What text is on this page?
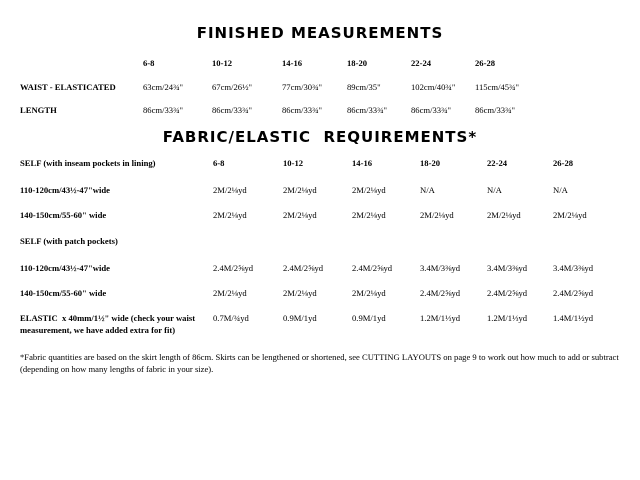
FINISHED MEASUREMENTS
6-8	10-12	14-16	18-20	22-24	26-28
WAIST - ELASTICATED	63cm/24¾"	67cm/26½"	77cm/30¾"	89cm/35"	102cm/40¾" 115cm/45¾"
LENGTH	86cm/33¾"	86cm/33¾"	86cm/33¾"	86cm/33¾"	86cm/33¾"	86cm/33¾"
FABRIC/ELASTIC  REQUIREMENTS*
SELF (with inseam pockets in lining)	6-8	10-12	14-16	18-20	22-24	26-28
110-120cm/43½-47"wide	2M/2⅛yd	2M/2⅛yd	2M/2⅛yd	N/A	N/A	N/A
140-150cm/55-60" wide	2M/2⅛yd	2M/2⅛yd	2M/2⅛yd	2M/2⅛yd	2M/2⅛yd	2M/2⅛yd
SELF (with patch pockets)
110-120cm/43½-47"wide	2.4M/2⅝yd	2.4M/2⅝yd	2.4M/2⅝yd	3.4M/3⅜yd	3.4M/3⅜yd	3.4M/3⅜yd
140-150cm/55-60" wide	2M/2⅛yd	2M/2⅛yd	2M/2⅛yd	2.4M/2⅝yd	2.4M/2⅝yd	2.4M/2⅝yd
ELASTIC  x 40mm/1½" wide (check your waist
measurement, we have added extra for fit)
0.7M/¾yd	0.9M/1yd	0.9M/1yd	1.2M/1⅓yd	1.2M/1⅓yd	1.4M/1½yd
*Fabric quantities are based on the skirt length of 86cm. Skirts can be lengthened or shortened, see CUTTING LAYOUTS on page 9 to work out how much to add or subtract (depending on how many lengths of fabric in your size).
